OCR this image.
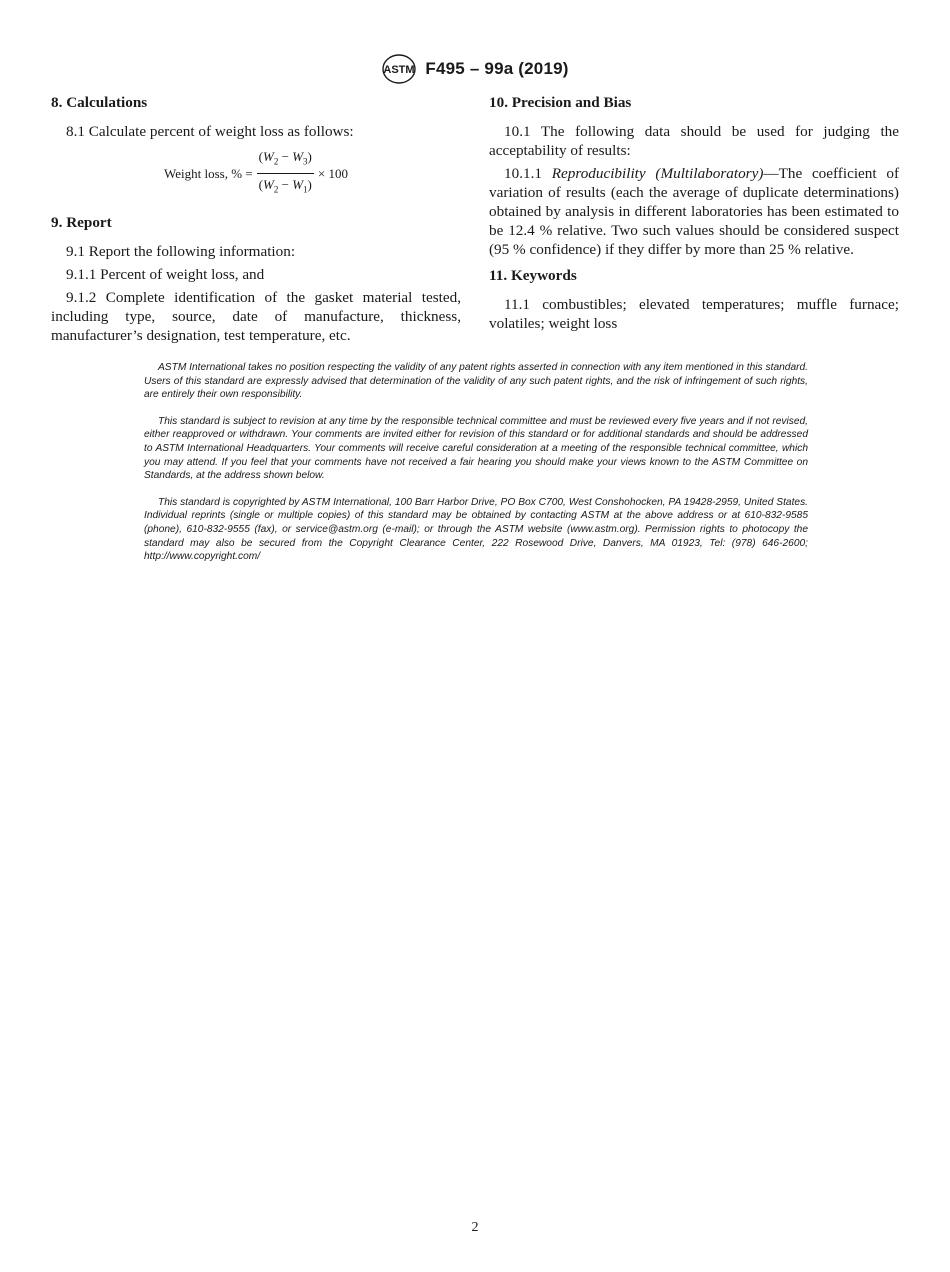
ASTM F495 – 99a (2019)
8. Calculations

8.1 Calculate percent of weight loss as follows:

Weight loss, % = $\frac{(W_2 - W_3)}{(W_2 - W_1)} \times 100$
9. Report

9.1 Report the following information:

9.1.1 Percent of weight loss, and

9.1.2 Complete identification of the gasket material tested, including type, source, date of manufacture, thickness, manufacturer’s designation, test temperature, etc.

10. Precision and Bias

10.1 The following data should be used for judging the acceptability of results:

10.1.1 Reproducibility (Multilaboratory)—The coefficient of variation of results (each the average of duplicate determinations) obtained by analysis in different laboratories has been estimated to be 12.4 % relative. Two such values should be considered suspect (95 % confidence) if they differ by more than 25 % relative.

11. Keywords

11.1 combustibles; elevated temperatures; muffle furnace; volatiles; weight loss

ASTM International takes no position respecting the validity of any patent rights asserted in connection with any item mentioned in this standard. Users of this standard are expressly advised that determination of the validity of any such patent rights, and the risk of infringement of such rights, are entirely their own responsibility.

This standard is subject to revision at any time by the responsible technical committee and must be reviewed every five years and if not revised, either reapproved or withdrawn. Your comments are invited either for revision of this standard or for additional standards and should be addressed to ASTM International Headquarters. Your comments will receive careful consideration at a meeting of the responsible technical committee, which you may attend. If you feel that your comments have not received a fair hearing you should make your views known to the ASTM Committee on Standards, at the address shown below.

This standard is copyrighted by ASTM International, 100 Barr Harbor Drive, PO Box C700, West Conshohocken, PA 19428-2959, United States. Individual reprints (single or multiple copies) of this standard may be obtained by contacting ASTM at the above address or at 610-832-9585 (phone), 610-832-9555 (fax), or service@astm.org (e-mail); or through the ASTM website (www.astm.org). Permission rights to photocopy the standard may also be secured from the Copyright Clearance Center, 222 Rosewood Drive, Danvers, MA 01923, Tel: (978) 646-2600; http://www.copyright.com/

2
